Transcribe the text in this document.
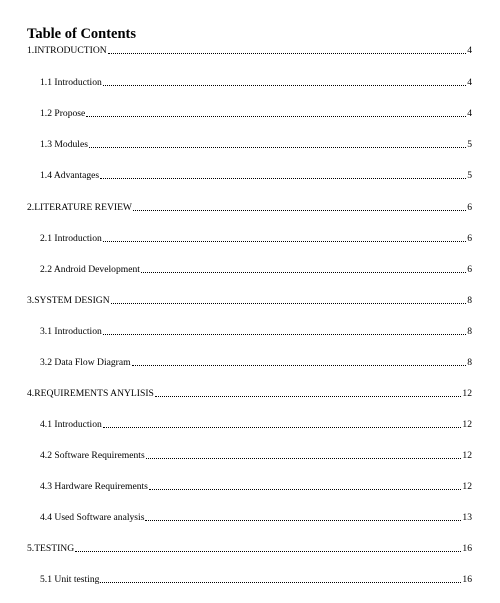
Table of Contents
1.INTRODUCTION	4
1.1 Introduction	4
1.2 Propose	4
1.3 Modules	5
1.4 Advantages	5
2.LITERATURE REVIEW	6
2.1 Introduction	6
2.2 Android Development	6
3.SYSTEM DESIGN	8
3.1 Introduction	8
3.2 Data Flow Diagram	8
4.REQUIREMENTS ANYLISIS	12
4.1 Introduction	12
4.2 Software Requirements	12
4.3 Hardware Requirements	12
4.4 Used Software analysis	13
5.TESTING	16
5.1 Unit testing	16
